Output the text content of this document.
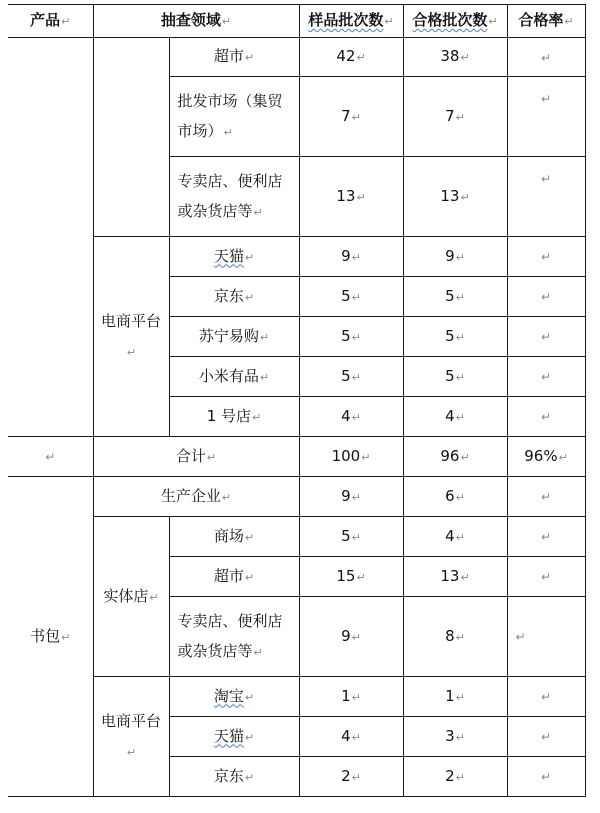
产品↵	抽查领域↵		样品批次数↵	合格批次数↵	合格率↵
		超市↵	42↵	38↵	↵
		批发市场（集贸市场）↵	7↵	7↵	↵
		专卖店、便利店或杂货店等↵	13↵	13↵	↵
	电商平台↵	天猫↵	9↵	9↵	↵
		京东↵	5↵	5↵	↵
		苏宁易购↵	5↵	5↵	↵
		小米有品↵	5↵	5↵	↵
		1 号店↵	4↵	4↵	↵
↵	合计↵		100↵	96↵	96%↵
书包↵	生产企业↵		9↵	6↵	↵
	实体店↵	商场↵	5↵	4↵	↵
		超市↵	15↵	13↵	↵
		专卖店、便利店或杂货店等↵	9↵	8↵	↵
	电商平台↵	淘宝↵	1↵	1↵	↵
		天猫↵	4↵	3↵	↵
		京东↵	2↵	2↵	↵
